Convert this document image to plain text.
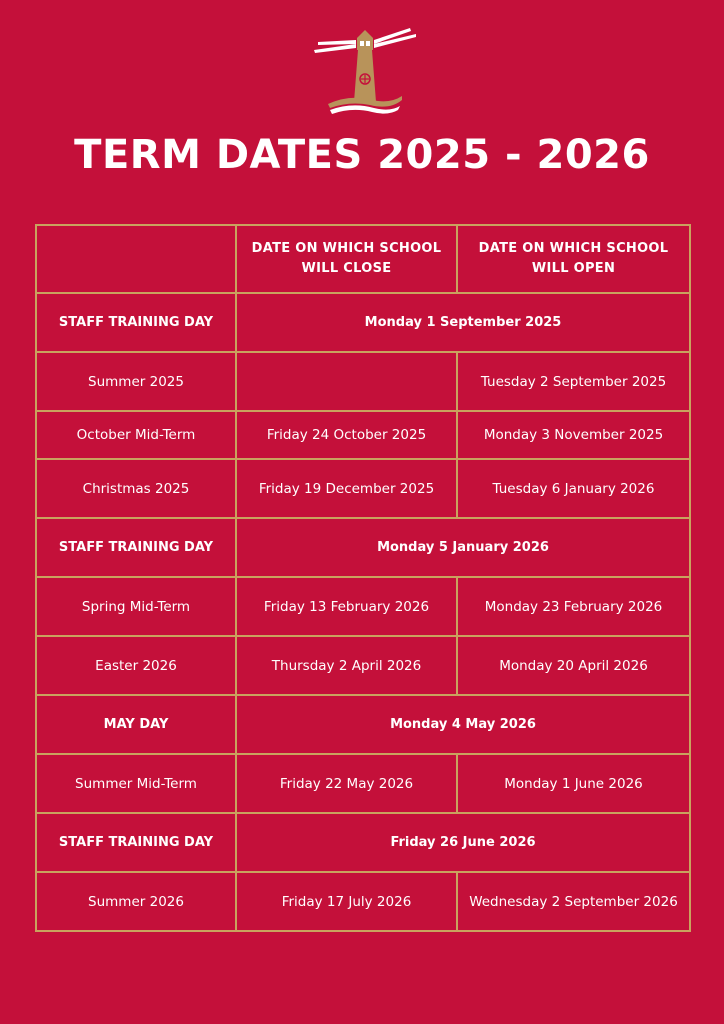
TERM DATES 2025 - 2026
	DATE ON WHICH SCHOOL WILL CLOSE	DATE ON WHICH SCHOOL WILL OPEN
STAFF TRAINING DAY	Monday 1 September 2025	
Summer 2025		Tuesday 2 September 2025
October Mid-Term	Friday 24 October 2025	Monday 3 November 2025
Christmas 2025	Friday 19 December 2025	Tuesday 6 January 2026
STAFF TRAINING DAY	Monday 5 January 2026	
Spring Mid-Term	Friday 13 February 2026	Monday 23 February 2026
Easter 2026	Thursday 2 April 2026	Monday 20 April 2026
MAY DAY	Monday 4 May 2026	
Summer Mid-Term	Friday 22 May 2026	Monday 1 June 2026
STAFF TRAINING DAY	Friday 26 June 2026	
Summer 2026	Friday 17 July 2026	Wednesday 2 September 2026
